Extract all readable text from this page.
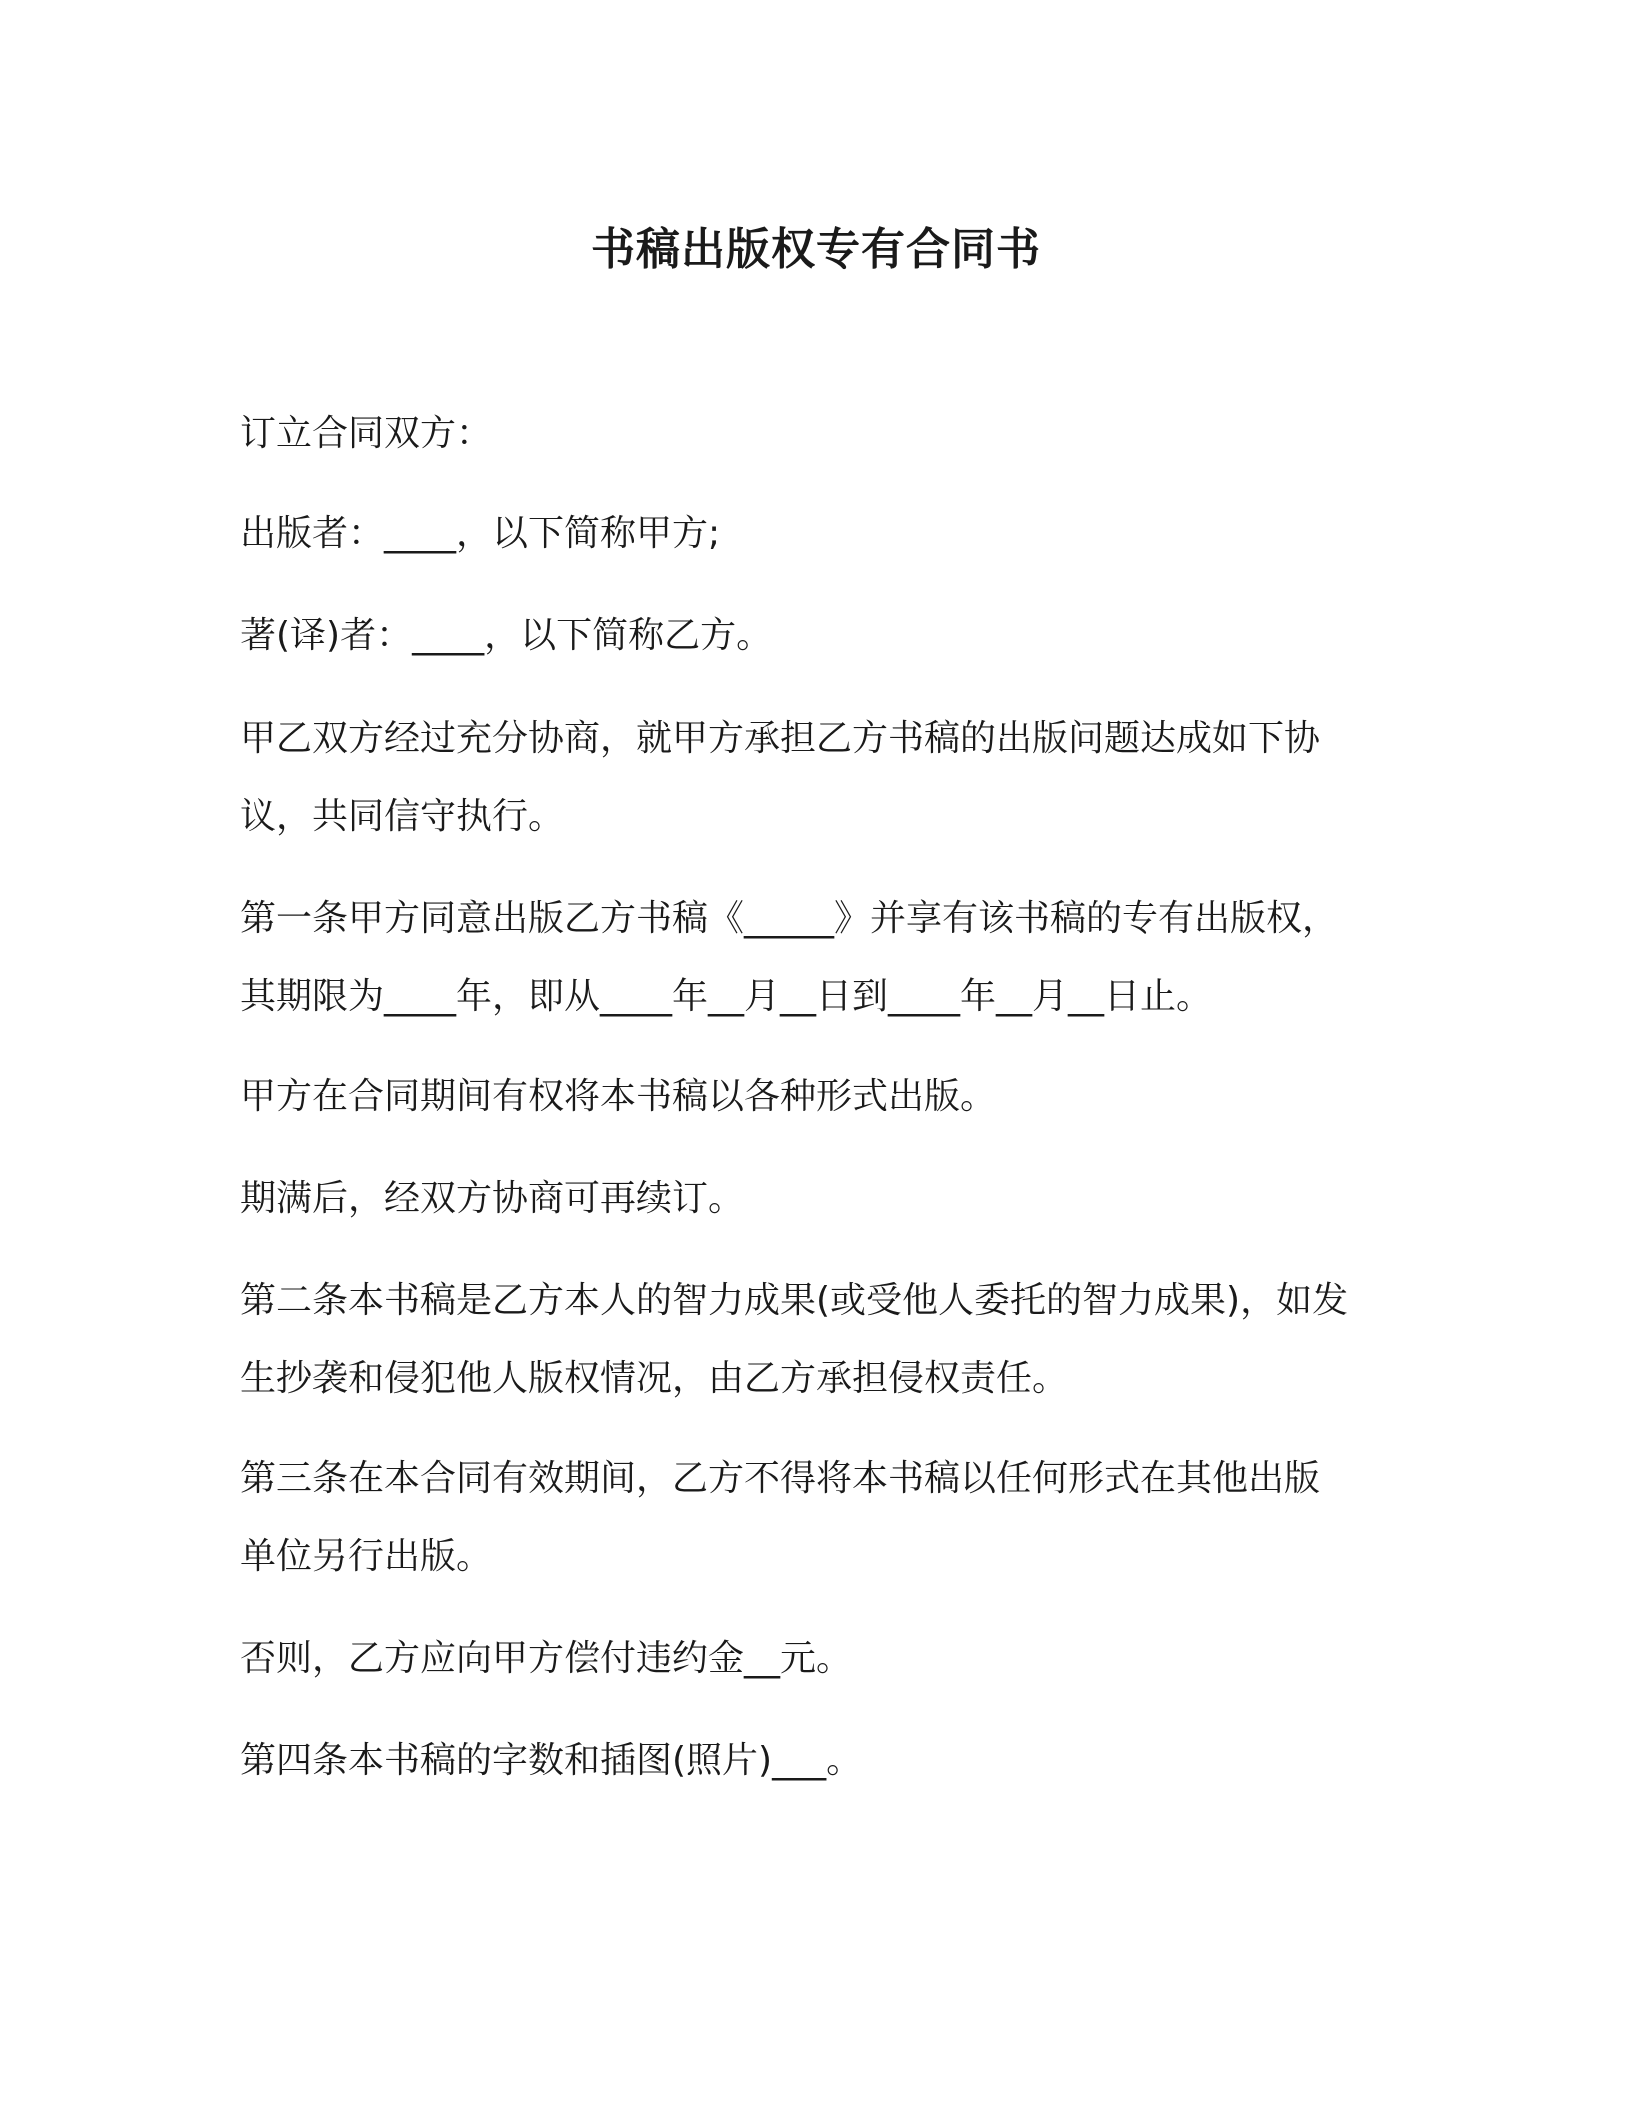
书稿出版权专有合同书
订立合同双方：
出版者：____，以下简称甲方;
著(译)者：____，以下简称乙方。
甲乙双方经过充分协商，就甲方承担乙方书稿的出版问题达成如下协
议，共同信守执行。
第一条甲方同意出版乙方书稿《_____》并享有该书稿的专有出版权，
其期限为____年，即从____年__月__日到____年__月__日止。
甲方在合同期间有权将本书稿以各种形式出版。
期满后，经双方协商可再续订。
第二条本书稿是乙方本人的智力成果(或受他人委托的智力成果)，如发
生抄袭和侵犯他人版权情况，由乙方承担侵权责任。
第三条在本合同有效期间，乙方不得将本书稿以任何形式在其他出版
单位另行出版。
否则，乙方应向甲方偿付违约金__元。
第四条本书稿的字数和插图(照片)___。
